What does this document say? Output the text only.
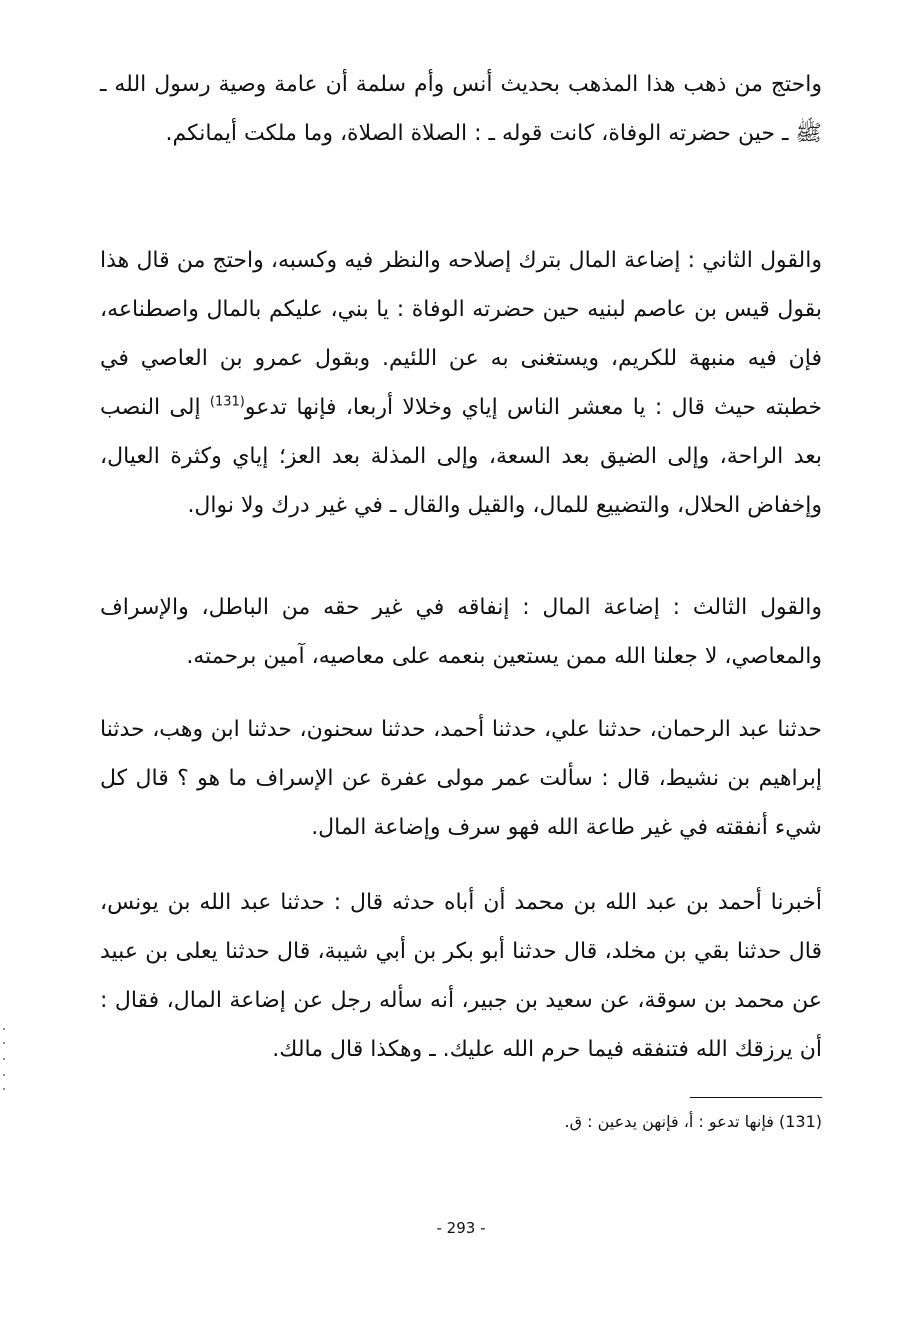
واحتج من ذهب هذا المذهب بحديث أنس وأم سلمة أن عامة وصية رسول الله ـ ﷺ ـ حين حضرته الوفاة، كانت قوله ـ : الصلاة الصلاة، وما ملكت أيمانكم.

والقول الثاني : إضاعة المال بترك إصلاحه والنظر فيه وكسبه، واحتج من قال هذا بقول قيس بن عاصم لبنيه حين حضرته الوفاة : يا بني، عليكم بالمال واصطناعه، فإن فيه منبهة للكريم، ويستغنى به عن اللئيم. وبقول عمرو بن العاصي في خطبته حيث قال : يا معشر الناس إياي وخلالا أربعا، فإنها تدعو$^{(131)}$ إلى النصب بعد الراحة، وإلى الضيق بعد السعة، وإلى المذلة بعد العز؛ إياي وكثرة العيال، وإخفاض الحلال، والتضييع للمال، والقيل والقال ـ في غير درك ولا نوال.

والقول الثالث : إضاعة المال : إنفاقه في غير حقه من الباطل، والإسراف والمعاصي، لا جعلنا الله ممن يستعين بنعمه على معاصيه، آمين برحمته.

حدثنا عبد الرحمان، حدثنا علي، حدثنا أحمد، حدثنا سحنون، حدثنا ابن وهب، حدثنا إبراهيم بن نشيط، قال : سألت عمر مولى عفرة عن الإسراف ما هو ؟ قال كل شيء أنفقته في غير طاعة الله فهو سرف وإضاعة المال.

أخبرنا أحمد بن عبد الله بن محمد أن أباه حدثه قال : حدثنا عبد الله بن يونس، قال حدثنا بقي بن مخلد، قال حدثنا أبو بكر بن أبي شيبة، قال حدثنا يعلى بن عبيد عن محمد بن سوقة، عن سعيد بن جبير، أنه سأله رجل عن إضاعة المال، فقال : أن يرزقك الله فتنفقه فيما حرم الله عليك. ـ وهكذا قال مالك.

(131) فإنها تدعو : أ، فإنهن يدعين : ق.

- 293 -
